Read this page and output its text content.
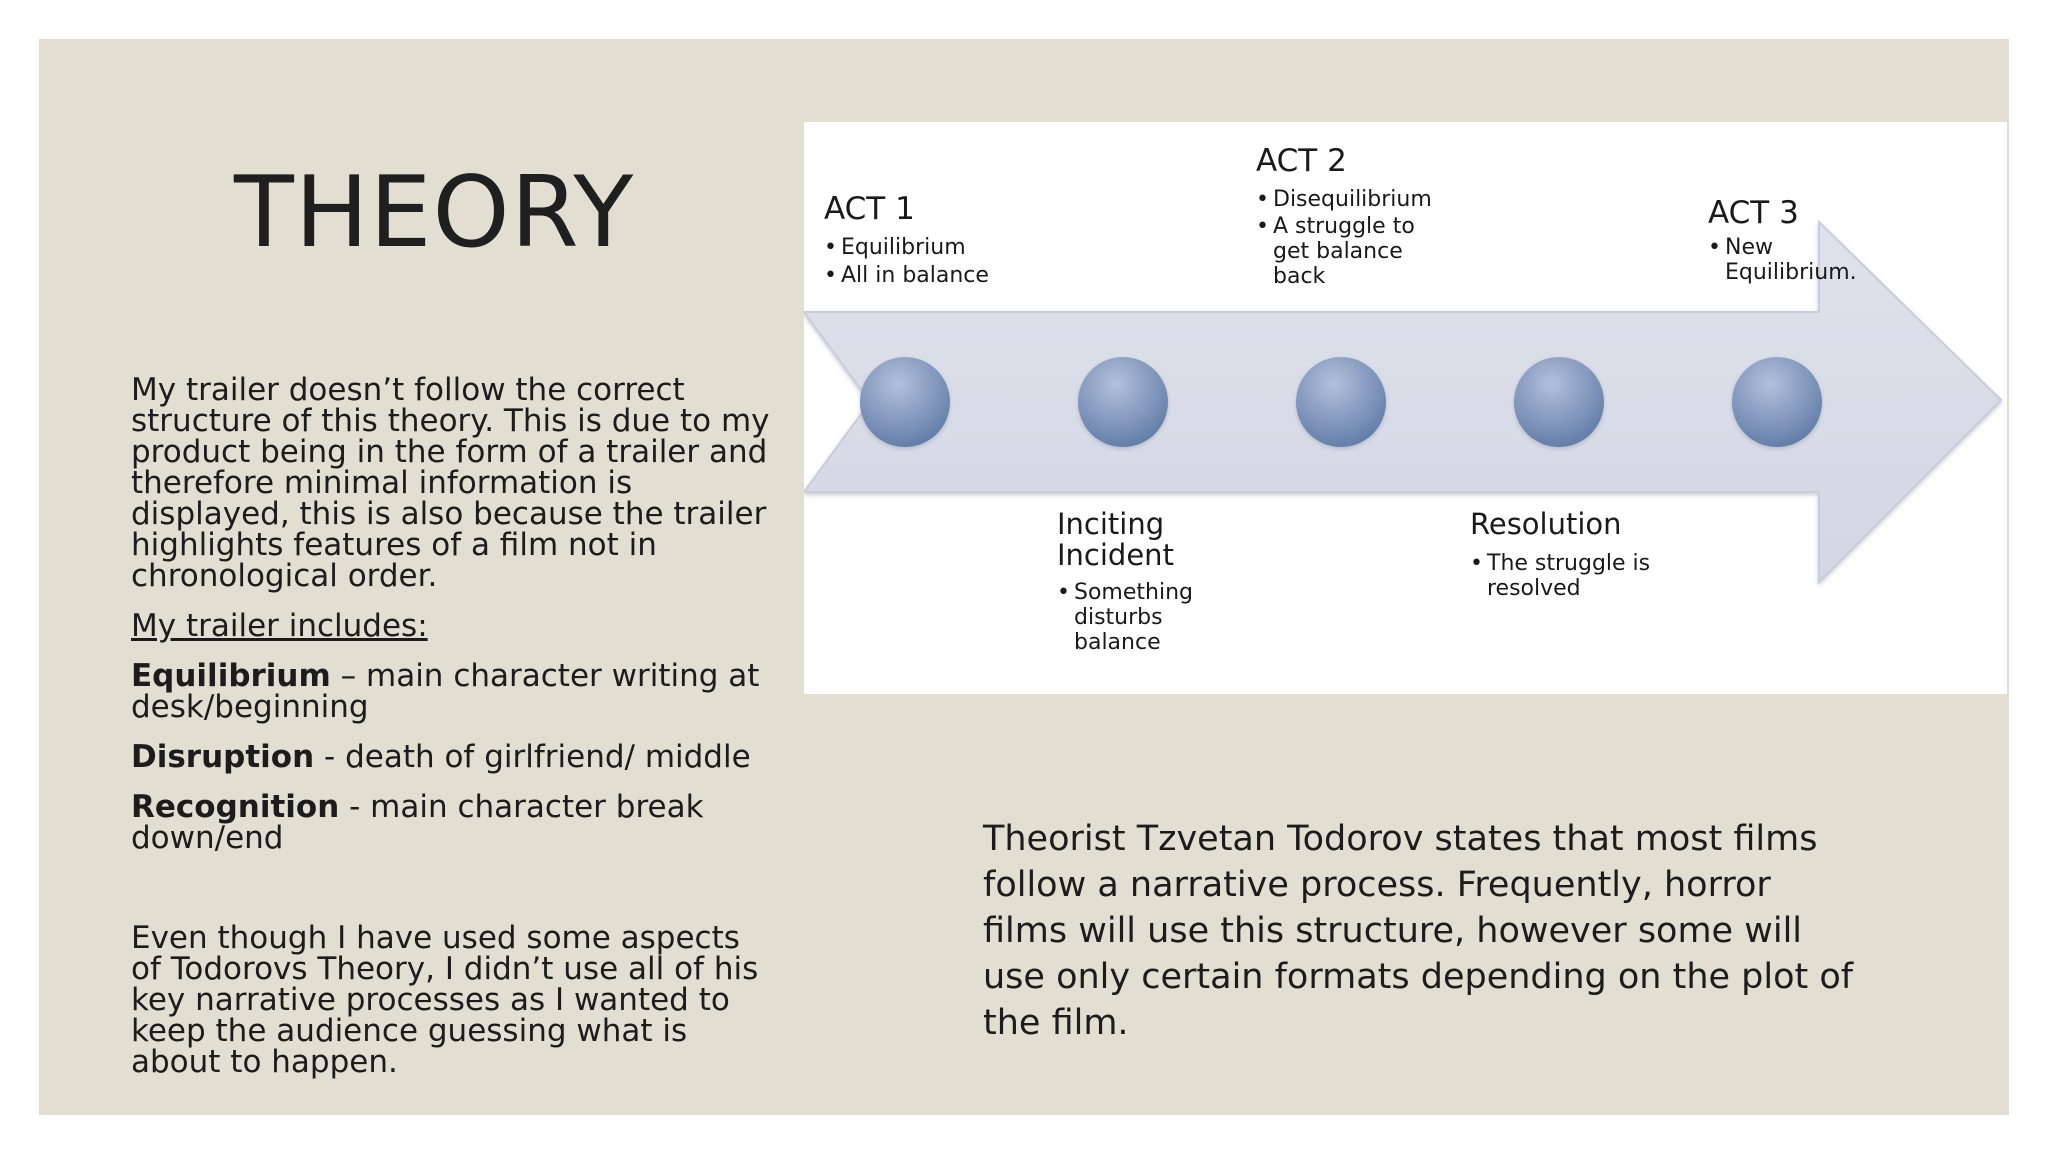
THEORY

My trailer doesn’t follow the correct structure of this theory. This is due to my product being in the form of a trailer and therefore minimal information is displayed, this is also because the trailer highlights features of a film not in chronological order.

My trailer includes:

Equilibrium – main character writing at desk/beginning

Disruption - death of girlfriend/ middle

Recognition - main character break down/end

Even though I have used some aspects of Todorovs Theory, I didn’t use all of his key narrative processes as I wanted to keep the audience guessing what is about to happen.

ACT 1
• Equilibrium
• All in balance
ACT 2
• Disequilibrium
• A struggle to get balance back
ACT 3
• New Equilibrium.
Inciting Incident
• Something disturbs balance
Resolution
• The struggle is resolved

Theorist Tzvetan Todorov states that most films follow a narrative process. Frequently, horror films will use this structure, however some will use only certain formats depending on the plot of the film.
